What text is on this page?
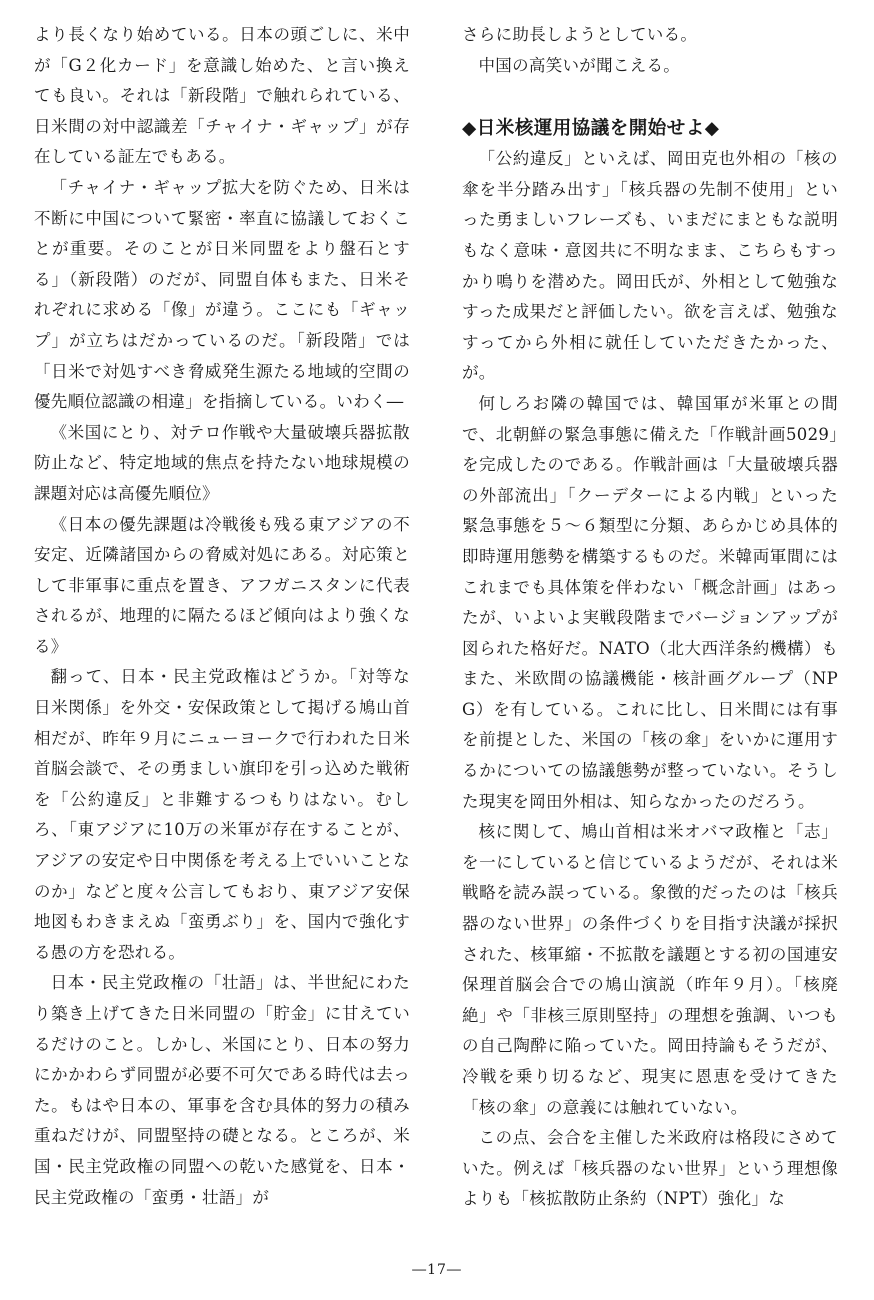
より長くなり始めている。日本の頭ごしに、米中が「G２化カード」を意識し始めた、と言い換えても良い。それは「新段階」で触れられている、日米間の対中認識差「チャイナ・ギャップ」が存在している証左でもある。

「チャイナ・ギャップ拡大を防ぐため、日米は不断に中国について緊密・率直に協議しておくことが重要。そのことが日米同盟をより盤石とする」（新段階）のだが、同盟自体もまた、日米それぞれに求める「像」が違う。ここにも「ギャップ」が立ちはだかっているのだ。「新段階」では「日米で対処すべき脅威発生源たる地域的空間の優先順位認識の相違」を指摘している。いわく―

《米国にとり、対テロ作戦や大量破壊兵器拡散防止など、特定地域的焦点を持たない地球規模の課題対応は高優先順位》

《日本の優先課題は冷戦後も残る東アジアの不安定、近隣諸国からの脅威対処にある。対応策として非軍事に重点を置き、アフガニスタンに代表されるが、地理的に隔たるほど傾向はより強くなる》

翻って、日本・民主党政権はどうか。「対等な日米関係」を外交・安保政策として掲げる鳩山首相だが、昨年９月にニューヨークで行われた日米首脳会談で、その勇ましい旗印を引っ込めた戦術を「公約違反」と非難するつもりはない。むしろ、「東アジアに10万の米軍が存在することが、アジアの安定や日中関係を考える上でいいことなのか」などと度々公言してもおり、東アジア安保地図もわきまえぬ「蛮勇ぶり」を、国内で強化する愚の方を恐れる。

日本・民主党政権の「壮語」は、半世紀にわたり築き上げてきた日米同盟の「貯金」に甘えているだけのこと。しかし、米国にとり、日本の努力にかかわらず同盟が必要不可欠である時代は去った。もはや日本の、軍事を含む具体的努力の積み重ねだけが、同盟堅持の礎となる。ところが、米国・民主党政権の同盟への乾いた感覚を、日本・民主党政権の「蛮勇・壮語」が

さらに助長しようとしている。

中国の高笑いが聞こえる。

◆日米核運用協議を開始せよ◆

「公約違反」といえば、岡田克也外相の「核の傘を半分踏み出す」「核兵器の先制不使用」といった勇ましいフレーズも、いまだにまともな説明もなく意味・意図共に不明なまま、こちらもすっかり鳴りを潜めた。岡田氏が、外相として勉強なすった成果だと評価したい。欲を言えば、勉強なすってから外相に就任していただきたかった、が。

何しろお隣の韓国では、韓国軍が米軍との間で、北朝鮮の緊急事態に備えた「作戦計画5029」を完成したのである。作戦計画は「大量破壊兵器の外部流出」「クーデターによる内戦」といった緊急事態を５～６類型に分類、あらかじめ具体的即時運用態勢を構築するものだ。米韓両軍間にはこれまでも具体策を伴わない「概念計画」はあったが、いよいよ実戦段階までバージョンアップが図られた格好だ。NATO（北大西洋条約機構）もまた、米欧間の協議機能・核計画グループ（NPG）を有している。これに比し、日米間には有事を前提とした、米国の「核の傘」をいかに運用するかについての協議態勢が整っていない。そうした現実を岡田外相は、知らなかったのだろう。

核に関して、鳩山首相は米オバマ政権と「志」を一にしていると信じているようだが、それは米戦略を読み誤っている。象徴的だったのは「核兵器のない世界」の条件づくりを目指す決議が採択された、核軍縮・不拡散を議題とする初の国連安保理首脳会合での鳩山演説（昨年９月）。「核廃絶」や「非核三原則堅持」の理想を強調、いつもの自己陶酔に陥っていた。岡田持論もそうだが、冷戦を乗り切るなど、現実に恩恵を受けてきた「核の傘」の意義には触れていない。

この点、会合を主催した米政府は格段にさめていた。例えば「核兵器のない世界」という理想像よりも「核拡散防止条約（NPT）強化」な

―17―
